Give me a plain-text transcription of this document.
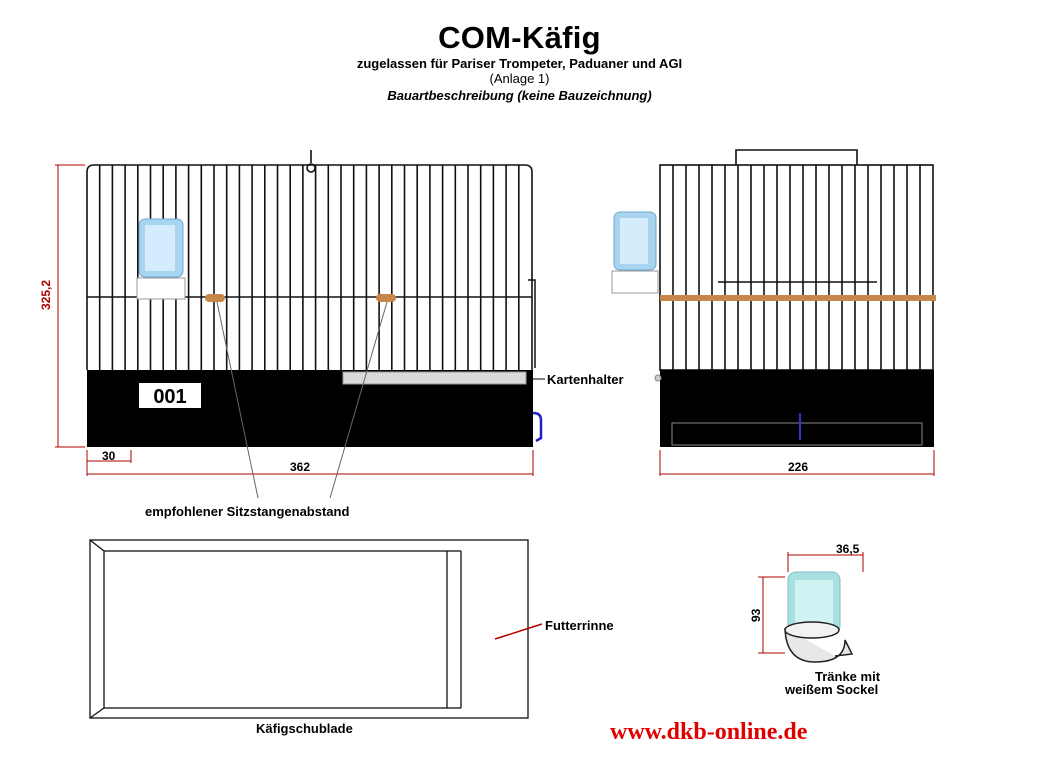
COM-Käfig
zugelassen für Pariser Trompeter, Paduaner und AGI
(Anlage 1)
Bauartbeschreibung (keine Bauzeichnung)
001
Kartenhalter
325,2
30
362
empfohlener Sitzstangenabstand
226
Futterrinne
Käfigschublade
36,5
93
Tränke mit
weißem Sockel
www.dkb-online.de
